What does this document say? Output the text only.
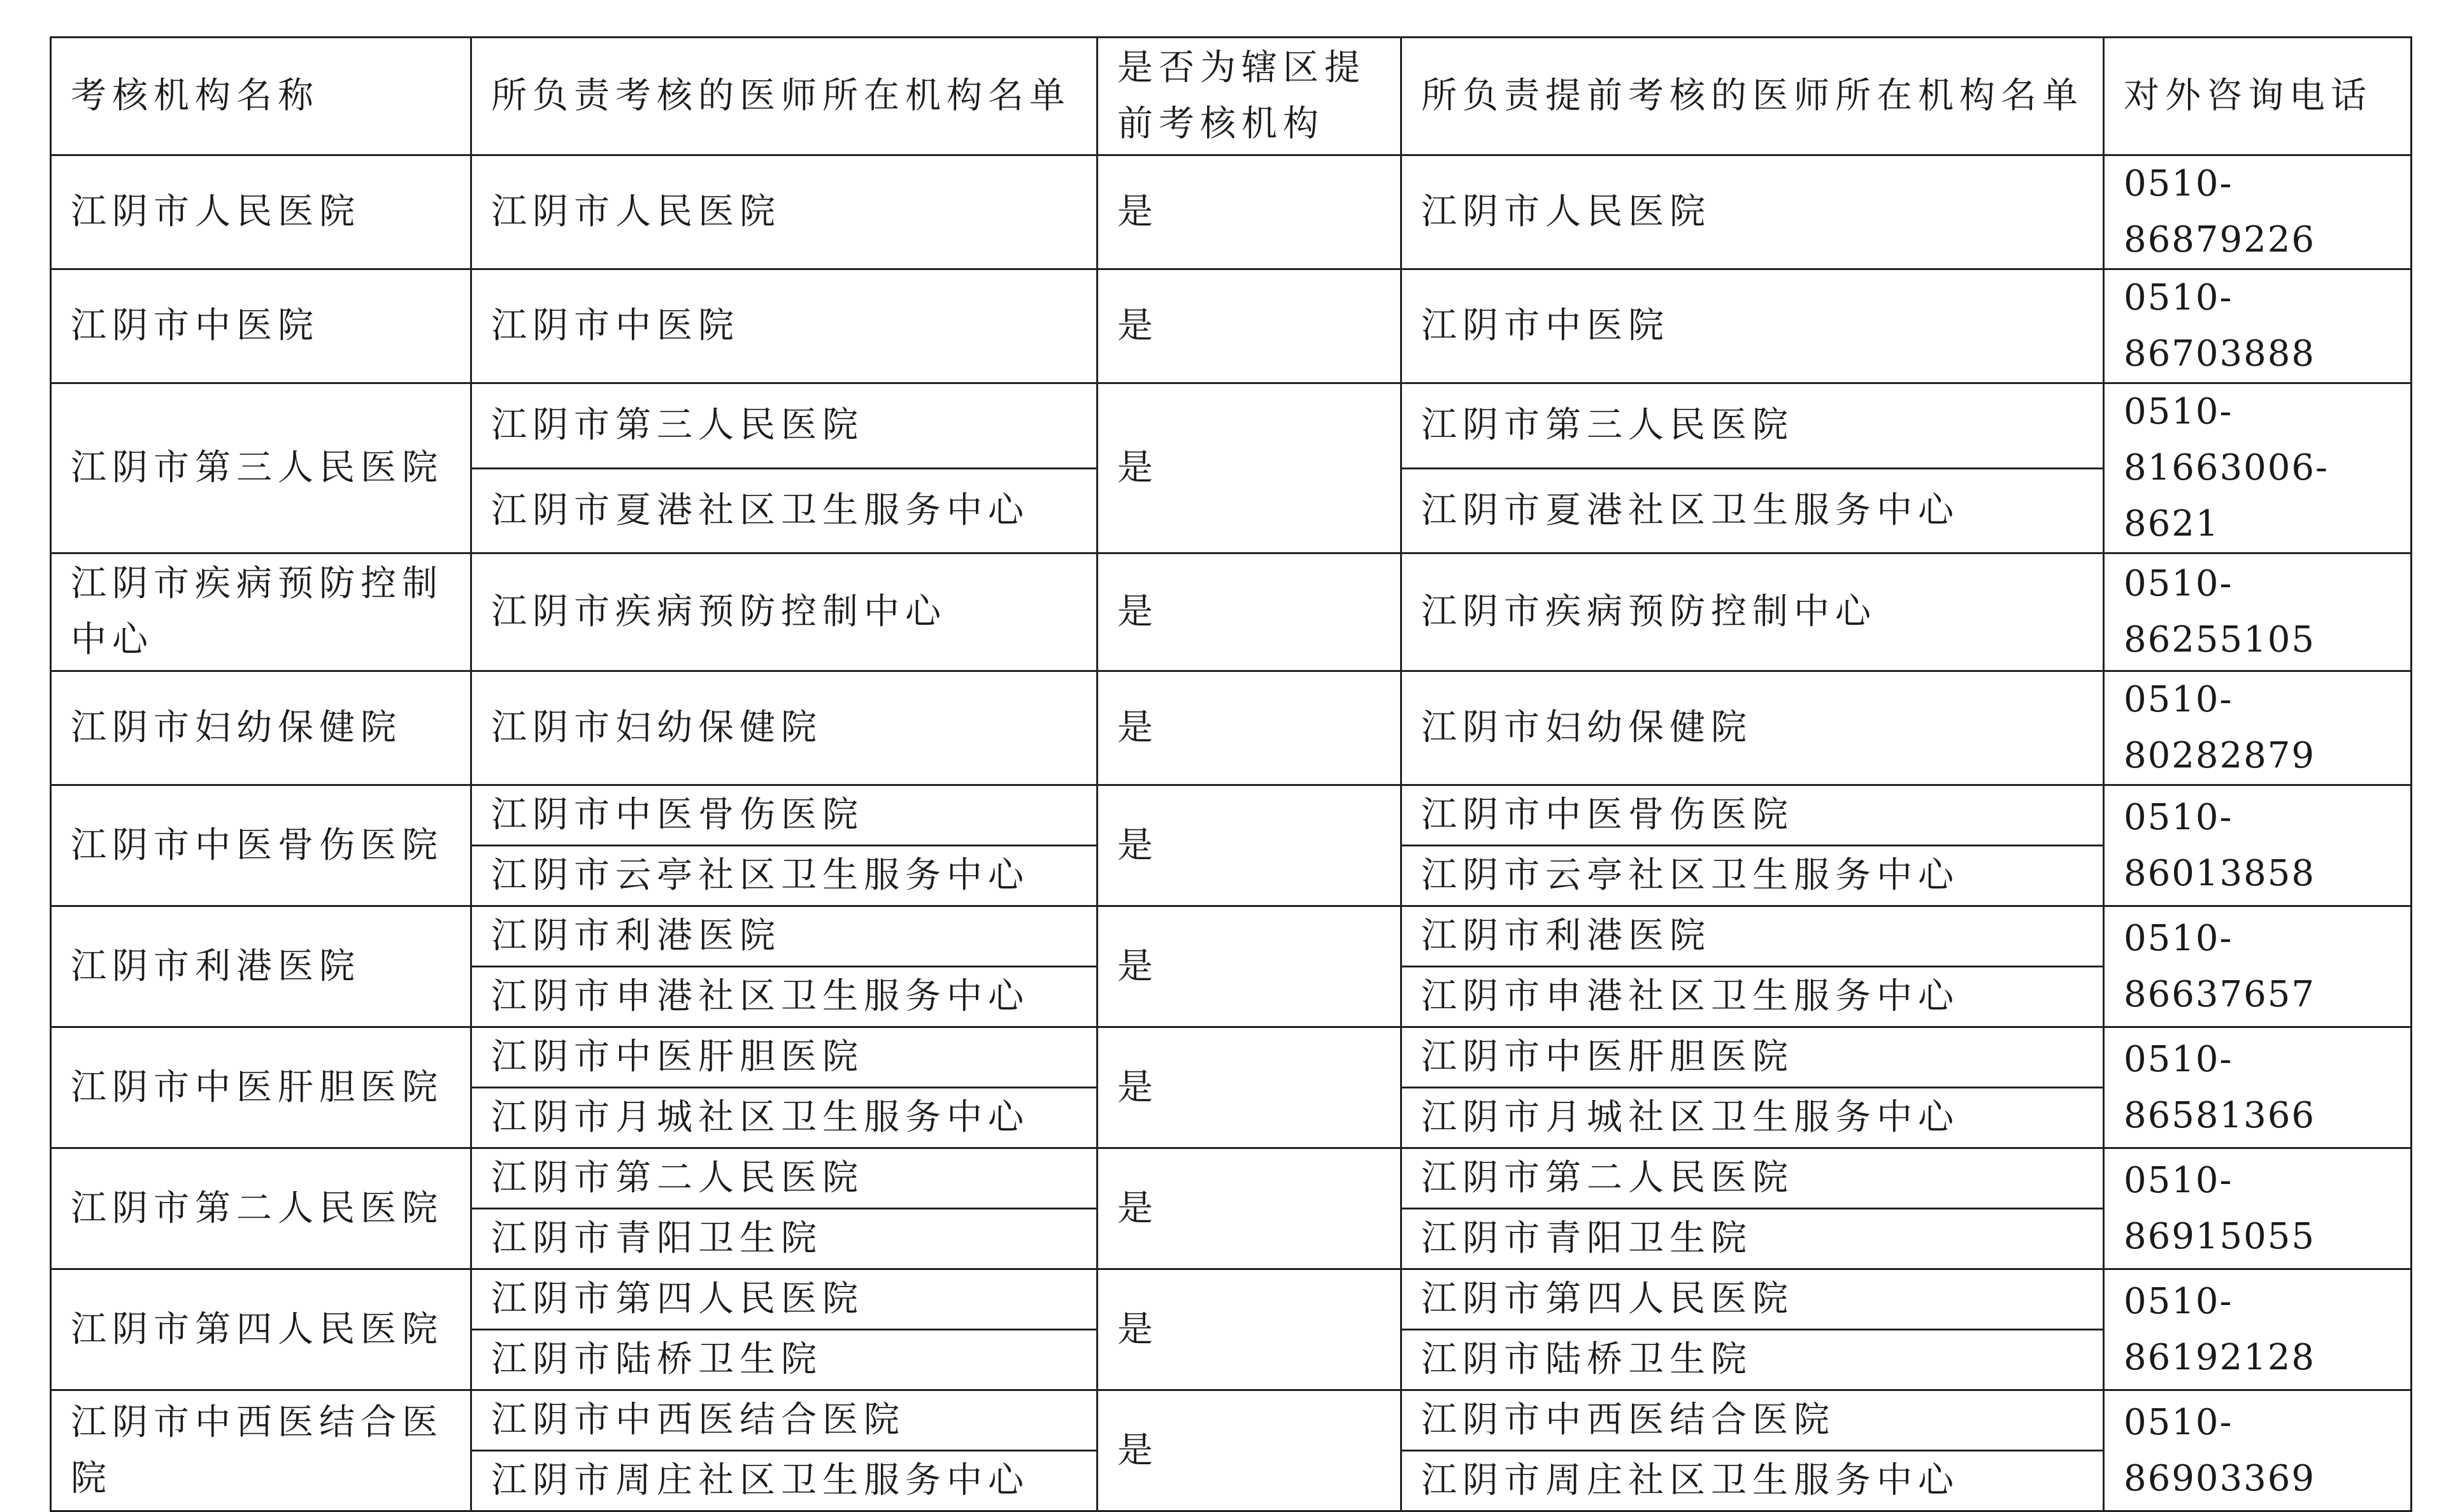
考核机构名称	所负责考核的医师所在机构名单	是否为辖区提前考核机构	所负责提前考核的医师所在机构名单	对外咨询电话
江阴市人民医院	江阴市人民医院	是	江阴市人民医院	0510-86879226
江阴市中医院	江阴市中医院	是	江阴市中医院	0510-86703888
江阴市第三人民医院	江阴市第三人民医院	是	江阴市第三人民医院	0510-81663006-8621
	江阴市夏港社区卫生服务中心		江阴市夏港社区卫生服务中心	
江阴市疾病预防控制中心	江阴市疾病预防控制中心	是	江阴市疾病预防控制中心	0510-86255105
江阴市妇幼保健院	江阴市妇幼保健院	是	江阴市妇幼保健院	0510-80282879
江阴市中医骨伤医院	江阴市中医骨伤医院	是	江阴市中医骨伤医院	0510-86013858
	江阴市云亭社区卫生服务中心		江阴市云亭社区卫生服务中心	
江阴市利港医院	江阴市利港医院	是	江阴市利港医院	0510-86637657
	江阴市申港社区卫生服务中心		江阴市申港社区卫生服务中心	
江阴市中医肝胆医院	江阴市中医肝胆医院	是	江阴市中医肝胆医院	0510-86581366
	江阴市月城社区卫生服务中心		江阴市月城社区卫生服务中心	
江阴市第二人民医院	江阴市第二人民医院	是	江阴市第二人民医院	0510-86915055
	江阴市青阳卫生院		江阴市青阳卫生院	
江阴市第四人民医院	江阴市第四人民医院	是	江阴市第四人民医院	0510-86192128
	江阴市陆桥卫生院		江阴市陆桥卫生院	
江阴市中西医结合医院	江阴市中西医结合医院	是	江阴市中西医结合医院	0510-86903369
	江阴市周庄社区卫生服务中心		江阴市周庄社区卫生服务中心	
